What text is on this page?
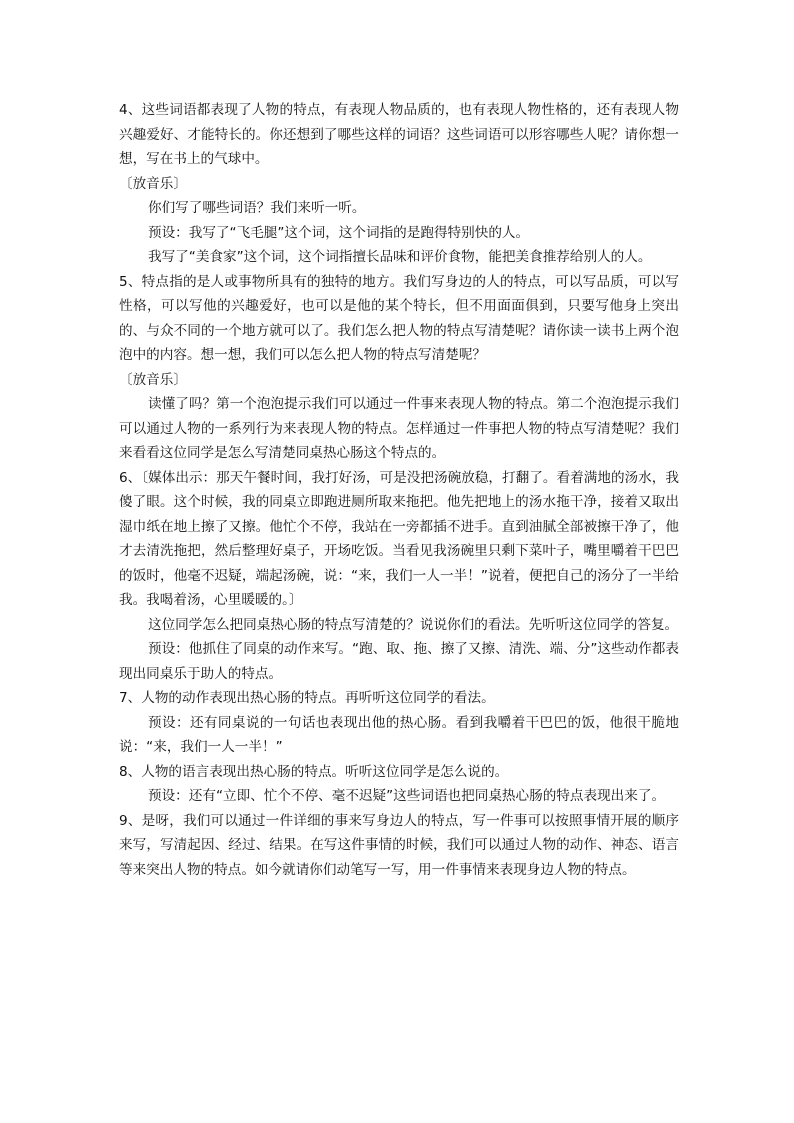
4、这些词语都表现了人物的特点，有表现人物品质的，也有表现人物性格的，还有表现人物兴趣爱好、才能特长的。你还想到了哪些这样的词语？这些词语可以形容哪些人呢？请你想一想，写在书上的气球中。

〔放音乐〕

你们写了哪些词语？我们来听一听。

预设：我写了“飞毛腿”这个词，这个词指的是跑得特别快的人。

我写了“美食家”这个词，这个词指擅长品味和评价食物，能把美食推荐给别人的人。

5、特点指的是人或事物所具有的独特的地方。我们写身边的人的特点，可以写品质，可以写性格，可以写他的兴趣爱好，也可以是他的某个特长，但不用面面俱到，只要写他身上突出的、与众不同的一个地方就可以了。我们怎么把人物的特点写清楚呢？请你读一读书上两个泡泡中的内容。想一想，我们可以怎么把人物的特点写清楚呢？

〔放音乐〕

读懂了吗？第一个泡泡提示我们可以通过一件事来表现人物的特点。第二个泡泡提示我们可以通过人物的一系列行为来表现人物的特点。怎样通过一件事把人物的特点写清楚呢？我们来看看这位同学是怎么写清楚同桌热心肠这个特点的。

6、〔媒体出示：那天午餐时间，我打好汤，可是没把汤碗放稳，打翻了。看着满地的汤水，我傻了眼。这个时候，我的同桌立即跑进厕所取来拖把。他先把地上的汤水拖干净，接着又取出湿巾纸在地上擦了又擦。他忙个不停，我站在一旁都插不进手。直到油腻全部被擦干净了，他才去清洗拖把，然后整理好桌子，开场吃饭。当看见我汤碗里只剩下菜叶子，嘴里嚼着干巴巴的饭时，他毫不迟疑，端起汤碗，说：“来，我们一人一半！”说着，便把自己的汤分了一半给我。我喝着汤，心里暖暖的。〕

这位同学怎么把同桌热心肠的特点写清楚的？说说你们的看法。先听听这位同学的答复。

预设：他抓住了同桌的动作来写。“跑、取、拖、擦了又擦、清洗、端、分”这些动作都表现出同桌乐于助人的特点。

7、人物的动作表现出热心肠的特点。再听听这位同学的看法。

预设：还有同桌说的一句话也表现出他的热心肠。看到我嚼着干巴巴的饭，他很干脆地说：“来，我们一人一半！”

8、人物的语言表现出热心肠的特点。听听这位同学是怎么说的。

预设：还有“立即、忙个不停、毫不迟疑”这些词语也把同桌热心肠的特点表现出来了。

9、是呀，我们可以通过一件详细的事来写身边人的特点，写一件事可以按照事情开展的顺序来写，写清起因、经过、结果。在写这件事情的时候，我们可以通过人物的动作、神态、语言等来突出人物的特点。如今就请你们动笔写一写，用一件事情来表现身边人物的特点。
